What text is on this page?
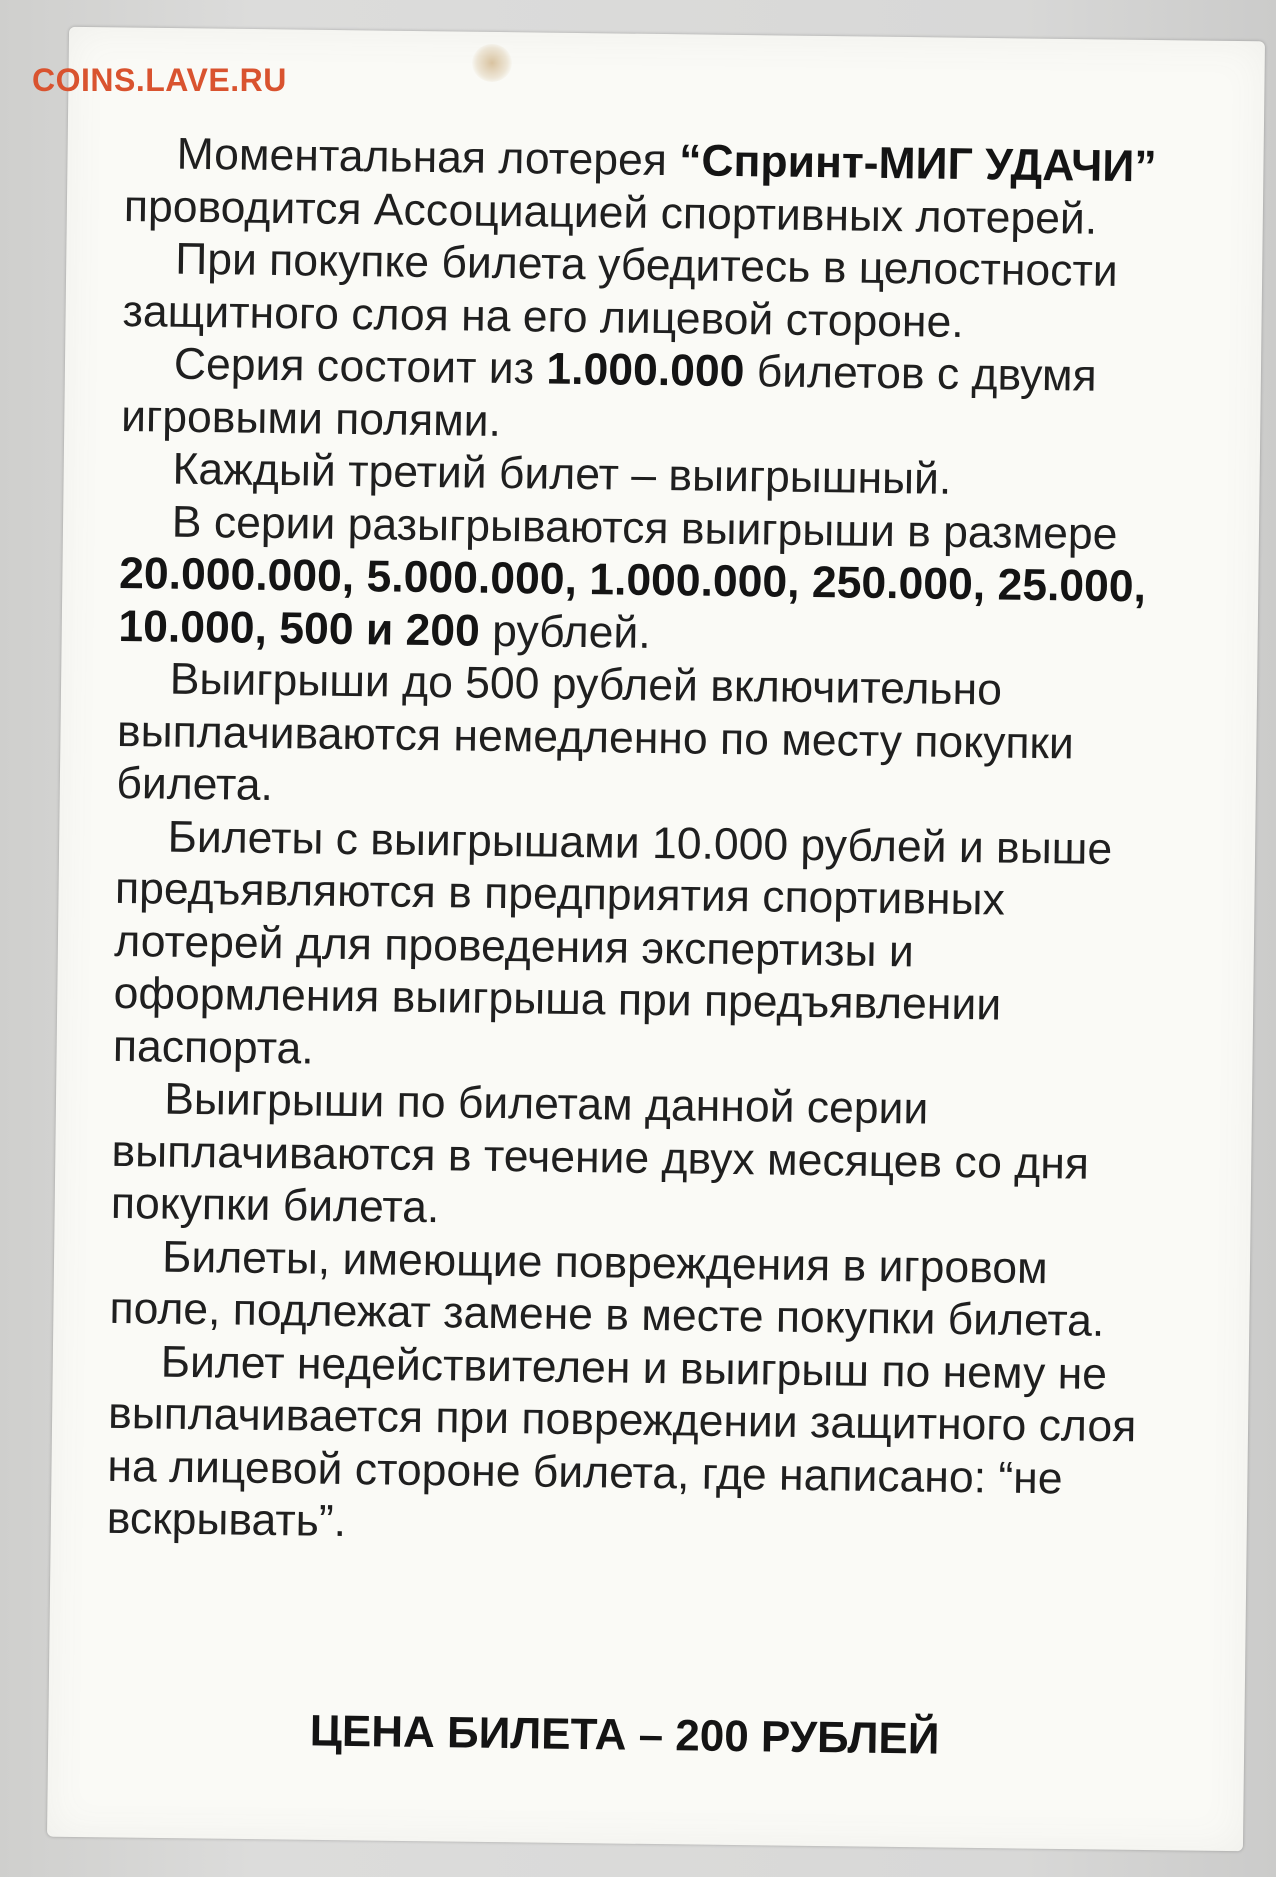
COINS.LAVE.RU

Моментальная лотерея “Спринт-МИГ УДАЧИ” проводится Ассоциацией спортивных лотерей.

При покупке билета убедитесь в целостности защитного слоя на его лицевой стороне.

Серия состоит из 1.000.000 билетов с двумя игровыми полями.

Каждый третий билет – выигрышный.

В серии разыгрываются выигрыши в размере 20.000.000, 5.000.000, 1.000.000, 250.000, 25.000, 10.000, 500 и 200 рублей.

Выигрыши до 500 рублей включительно выплачиваются немедленно по месту покупки билета.

Билеты с выигрышами 10.000 рублей и выше предъявляются в предприятия спортивных лотерей для проведения экспертизы и оформления выигрыша при предъявлении паспорта.

Выигрыши по билетам данной серии выплачиваются в течение двух месяцев со дня покупки билета.

Билеты, имеющие повреждения в игровом поле, подлежат замене в месте покупки билета.

Билет недействителен и выигрыш по нему не выплачивается при повреждении защитного слоя на лицевой стороне билета, где написано: “не вскрывать”.

ЦЕНА БИЛЕТА – 200 РУБЛЕЙ
